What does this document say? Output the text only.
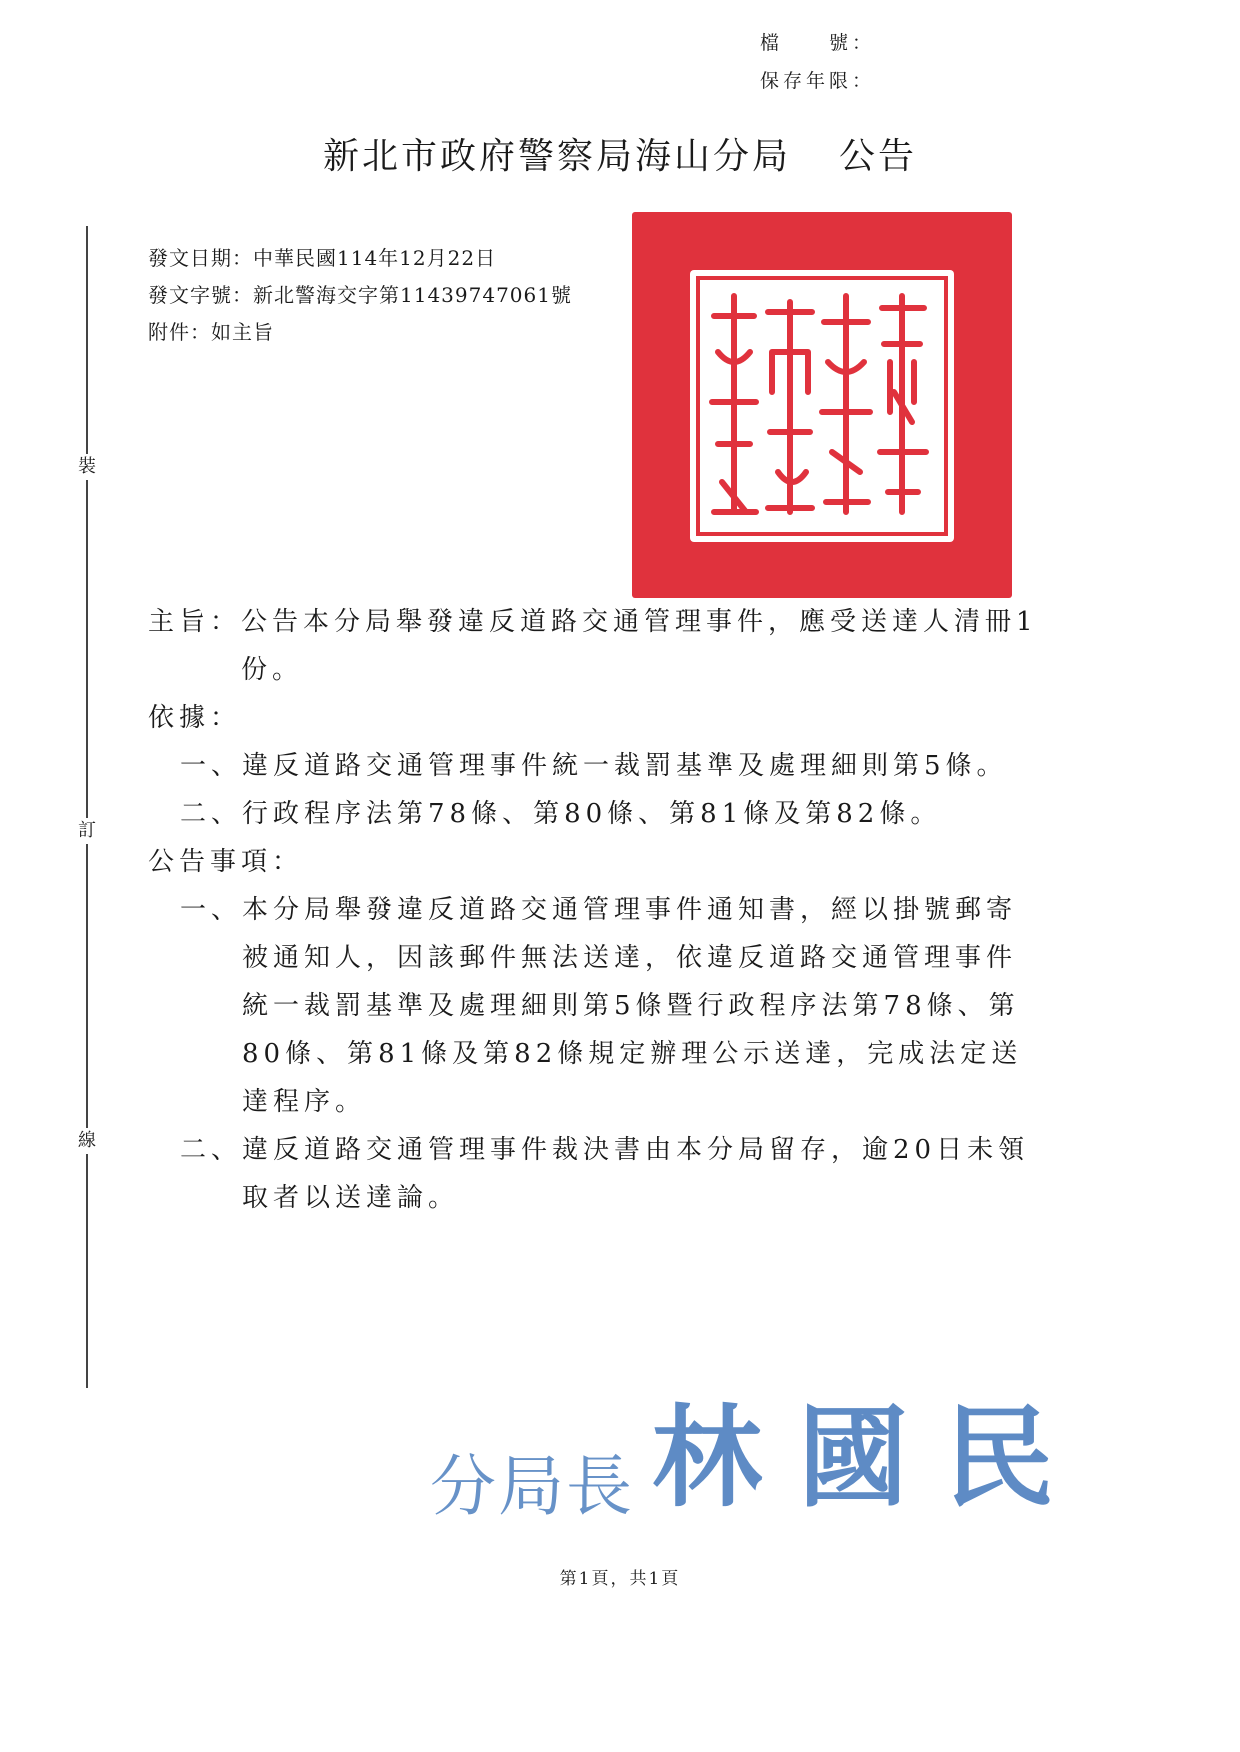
檔　　號：
保存年限：
新北市政府警察局海山分局 公告
裝
訂
線
發文日期：中華民國114年12月22日
發文字號：新北警海交字第11439747061號
附件：如主旨
主旨： 公告本分局舉發違反道路交通管理事件，應受送達人清冊1份。
依據：
一、 違反道路交通管理事件統一裁罰基準及處理細則第5條。
二、 行政程序法第78條、第80條、第81條及第82條。
公告事項：
一、 本分局舉發違反道路交通管理事件通知書，經以掛號郵寄被通知人，因該郵件無法送達，依違反道路交通管理事件統一裁罰基準及處理細則第5條暨行政程序法第78條、第80條、第81條及第82條規定辦理公示送達，完成法定送達程序。
二、 違反道路交通管理事件裁決書由本分局留存，逾20日未領取者以送達論。
分局長 林國民
第1頁，共1頁
